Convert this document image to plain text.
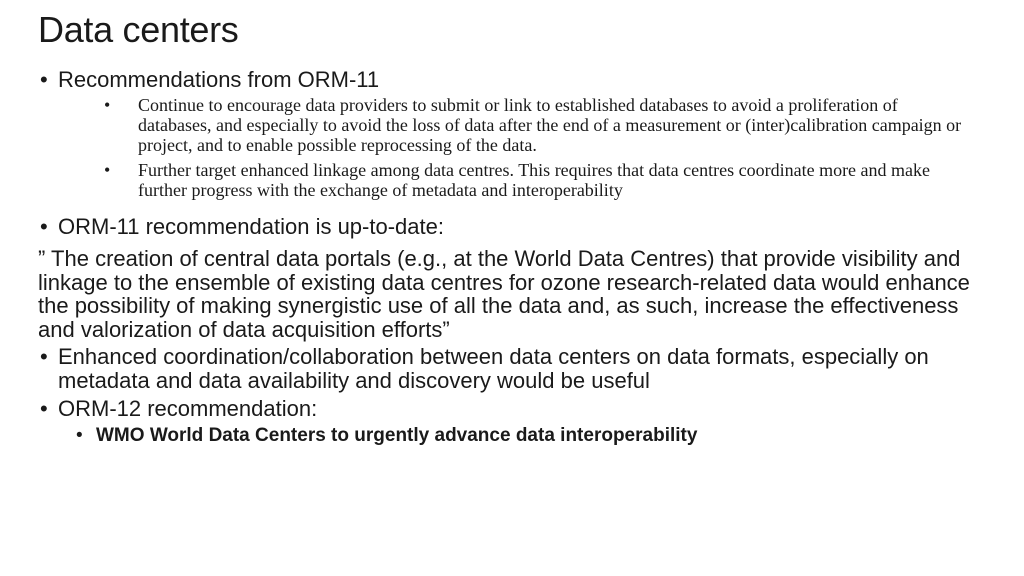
Data centers
• Recommendations from ORM-11
• Continue to encourage data providers to submit or link to established databases to avoid a proliferation of databases, and especially to avoid the loss of data after the end of a measurement or (inter)calibration campaign or project, and to enable possible reprocessing of the data.
• Further target enhanced linkage among data centres. This requires that data centres coordinate more and make further progress with the exchange of metadata and interoperability
• ORM-11 recommendation is up-to-date:
” The creation of central data portals (e.g., at the World Data Centres) that provide visibility and linkage to the ensemble of existing data centres for ozone research-related data would enhance the possibility of making synergistic use of all the data and, as such, increase the effectiveness and valorization of data acquisition efforts”
• Enhanced coordination/collaboration between data centers on data formats, especially on metadata and data availability and discovery would be useful
• ORM-12 recommendation:
• WMO World Data Centers to urgently advance data interoperability
